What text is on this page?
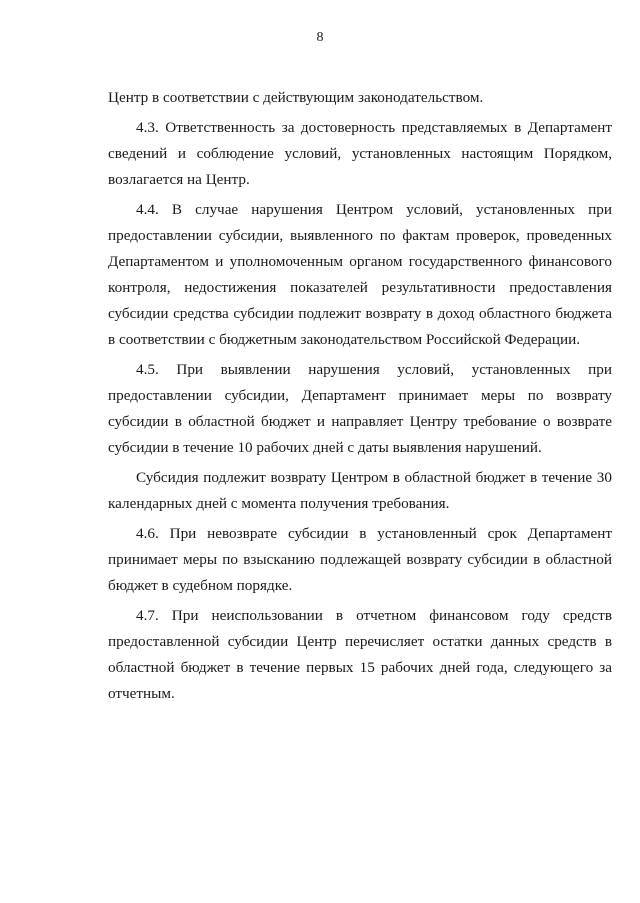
8
Центр в соответствии с действующим законодательством.
4.3. Ответственность за достоверность представляемых в Департамент
сведений и соблюдение условий, установленных настоящим Порядком,
возлагается на Центр.
4.4. В случае нарушения Центром условий, установленных при
предоставлении субсидии, выявленного по фактам проверок, проведенных
Департаментом и уполномоченным органом государственного финансового
контроля, недостижения показателей результативности предоставления
субсидии средства субсидии подлежит возврату в доход областного бюджета
в соответствии с бюджетным законодательством Российской Федерации.
4.5. При выявлении нарушения условий, установленных при
предоставлении субсидии, Департамент принимает меры по возврату
субсидии в областной бюджет и направляет Центру требование о возврате
субсидии в течение 10 рабочих дней с даты выявления нарушений.
Субсидия подлежит возврату Центром в областной бюджет в течение 30
календарных дней с момента получения требования.
4.6. При невозврате субсидии в установленный срок Департамент
принимает меры по взысканию подлежащей возврату субсидии в областной
бюджет в судебном порядке.
4.7. При неиспользовании в отчетном финансовом году средств
предоставленной субсидии Центр перечисляет остатки данных средств в
областной бюджет в течение первых 15 рабочих дней года, следующего за
отчетным.
